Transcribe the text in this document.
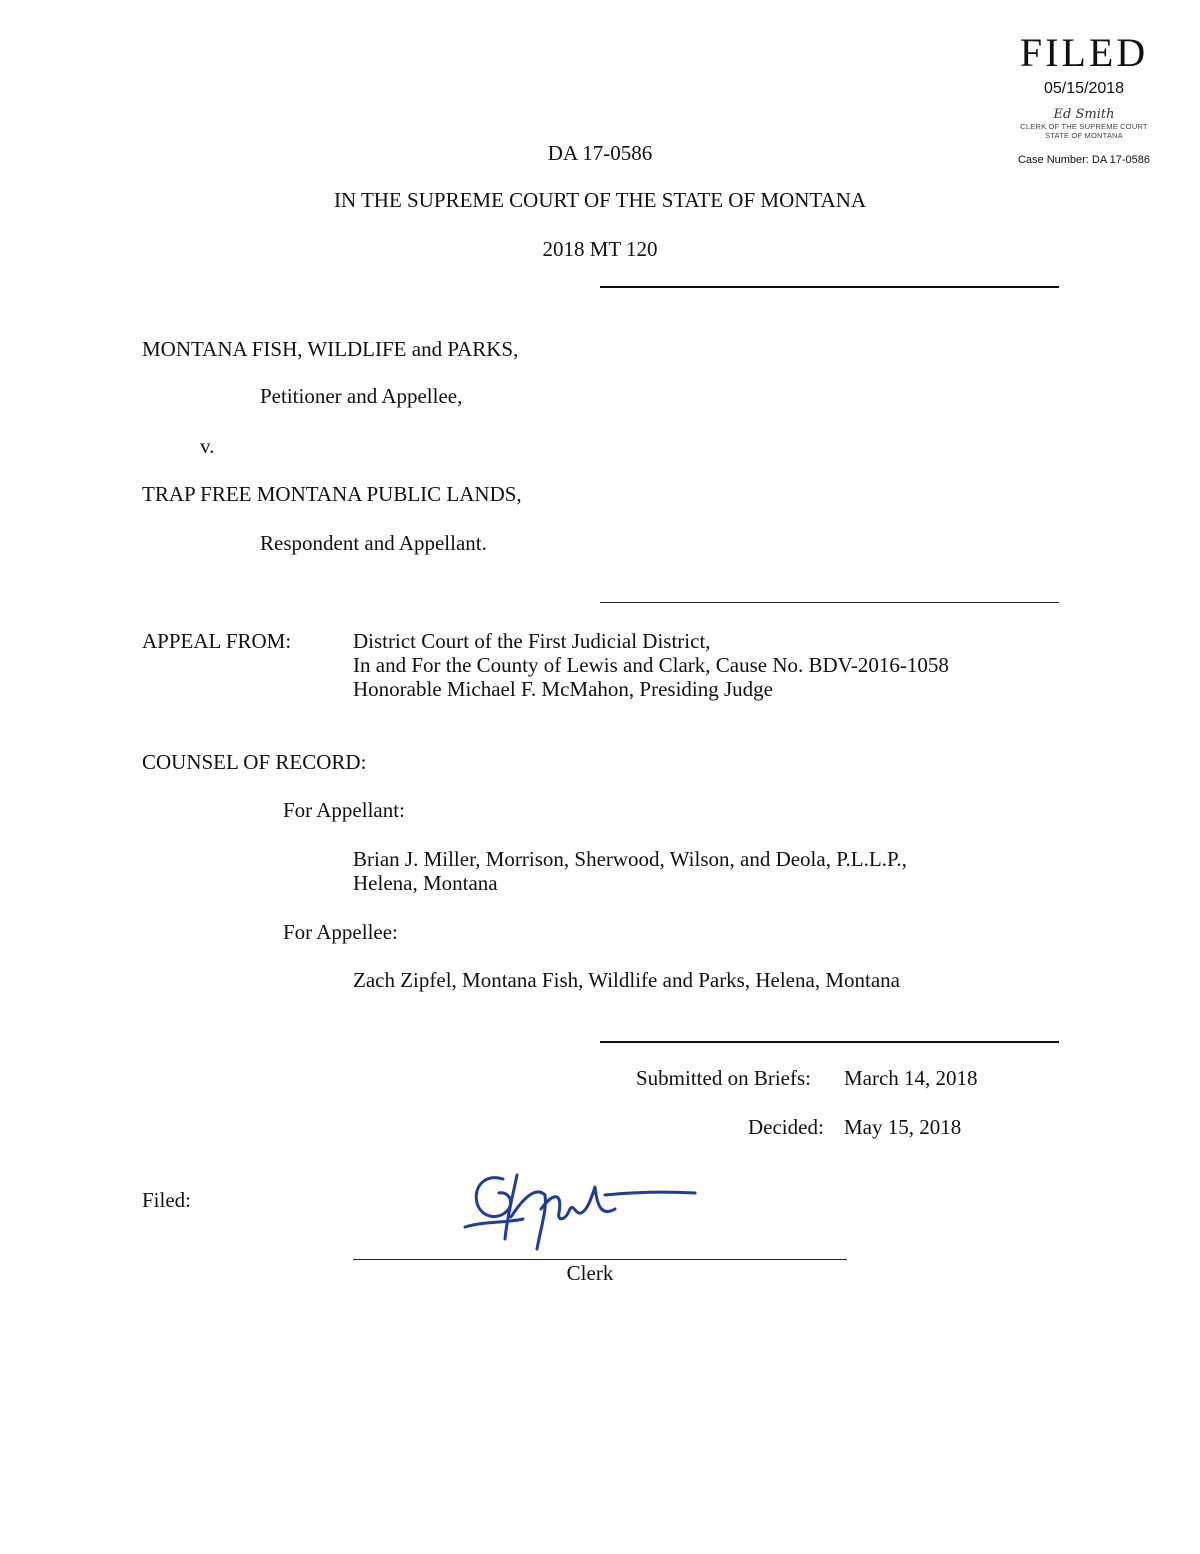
FILED
05/15/2018
Ed Smith
CLERK OF THE SUPREME COURT
STATE OF MONTANA
Case Number: DA 17-0586
DA 17-0586
IN THE SUPREME COURT OF THE STATE OF MONTANA
2018 MT 120
MONTANA FISH, WILDLIFE and PARKS,
Petitioner and Appellee,
v.
TRAP FREE MONTANA PUBLIC LANDS,
Respondent and Appellant.
APPEAL FROM:	District Court of the First Judicial District,
In and For the County of Lewis and Clark, Cause No. BDV-2016-1058
Honorable Michael F. McMahon, Presiding Judge
COUNSEL OF RECORD:
For Appellant:
Brian J. Miller, Morrison, Sherwood, Wilson, and Deola, P.L.L.P.,
Helena, Montana
For Appellee:
Zach Zipfel, Montana Fish, Wildlife and Parks, Helena, Montana
Submitted on Briefs: March 14, 2018
Decided: May 15, 2018
Filed:
Clerk
